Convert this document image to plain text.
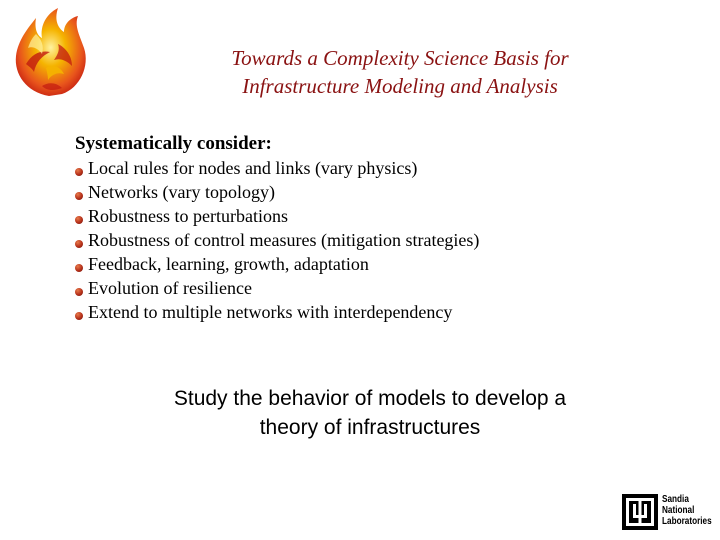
Towards a Complexity Science Basis for
Infrastructure Modeling and Analysis
Systematically consider:
Local rules for nodes and links (vary physics)
Networks (vary topology)
Robustness to perturbations
Robustness of control measures (mitigation strategies)
Feedback, learning, growth, adaptation
Evolution of resilience
Extend to multiple networks with interdependency
Study the behavior of models to develop a
theory of infrastructures
Sandia
National
Laboratories
